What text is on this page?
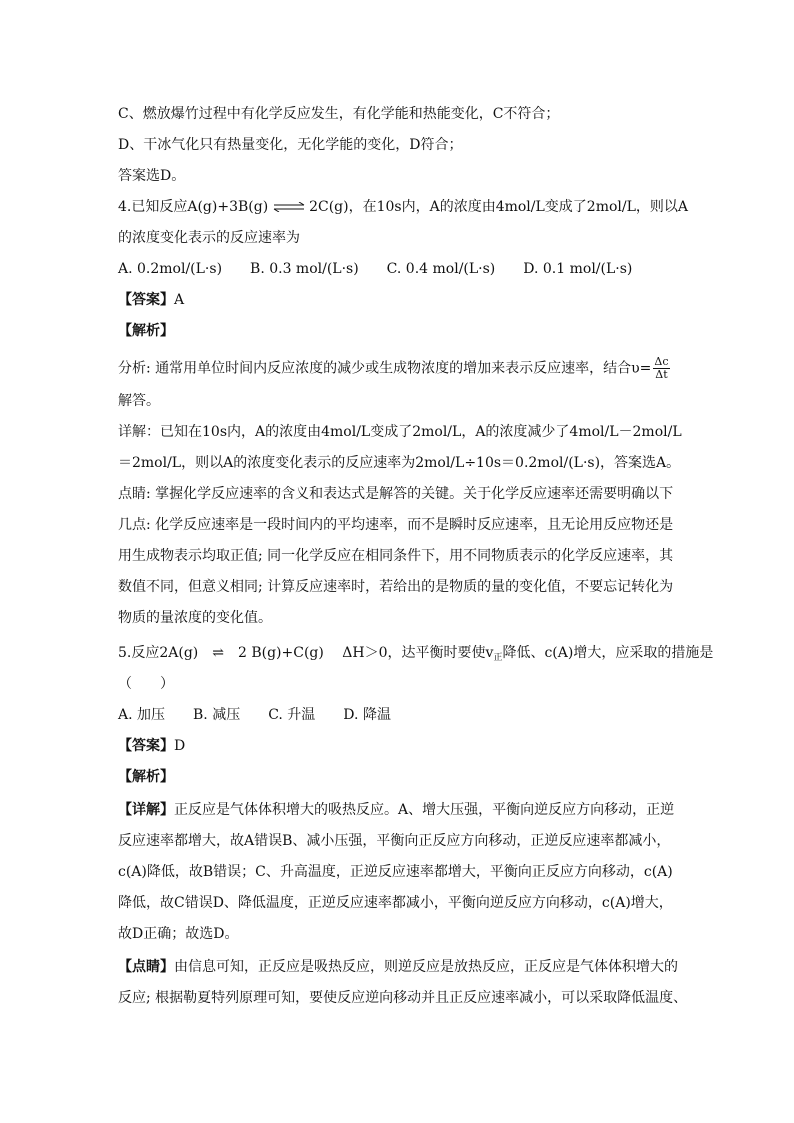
C、燃放爆竹过程中有化学反应发生，有化学能和热能变化，C不符合；
D、干冰气化只有热量变化，无化学能的变化，D符合；
答案选D。
4.已知反应A(g)+3B(g) ⇌ 2C(g)，在10s内，A的浓度由4mol/L变成了2mol/L，则以A
的浓度变化表示的反应速率为
A. 0.2mol/(L·s)　　B. 0.3 mol/(L·s)　　C. 0.4 mol/(L·s)　　D. 0.1 mol/(L·s)
【答案】A
【解析】
分析: 通常用单位时间内反应浓度的减少或生成物浓度的增加来表示反应速率，结合$\upsilon= \frac{\Delta c}{\Delta t}$
解答。
详解：已知在10s内，A的浓度由4mol/L变成了2mol/L，A的浓度减少了4mol/L－2mol/L
＝2mol/L，则以A的浓度变化表示的反应速率为2mol/L÷10s＝0.2mol/(L·s)，答案选A。
点睛: 掌握化学反应速率的含义和表达式是解答的关键。关于化学反应速率还需要明确以下
几点: 化学反应速率是一段时间内的平均速率，而不是瞬时反应速率，且无论用反应物还是
用生成物表示均取正值; 同一化学反应在相同条件下，用不同物质表示的化学反应速率，其
数值不同，但意义相同; 计算反应速率时，若给出的是物质的量的变化值，不要忘记转化为
物质的量浓度的变化值。
5.反应2A(g)　⇌　2 B(g)+C(g)　 ΔH＞0，达平衡时要使$v_正$降低、c(A)增大，应采取的措施是
（　　）
A. 加压　　B. 减压　　C. 升温　　D. 降温
【答案】D
【解析】
【详解】正反应是气体体积增大的吸热反应。A、增大压强，平衡向逆反应方向移动，正逆
反应速率都增大，故A错误B、减小压强，平衡向正反应方向移动，正逆反应速率都减小，
c(A)降低，故B错误；C、升高温度，正逆反应速率都增大，平衡向正反应方向移动，c(A)
降低，故C错误D、降低温度，正逆反应速率都减小，平衡向逆反应方向移动，c(A)增大，
故D正确；故选D。
【点睛】由信息可知，正反应是吸热反应，则逆反应是放热反应，正反应是气体体积增大的
反应; 根据勒夏特列原理可知，要使反应逆向移动并且正反应速率减小，可以采取降低温度、
